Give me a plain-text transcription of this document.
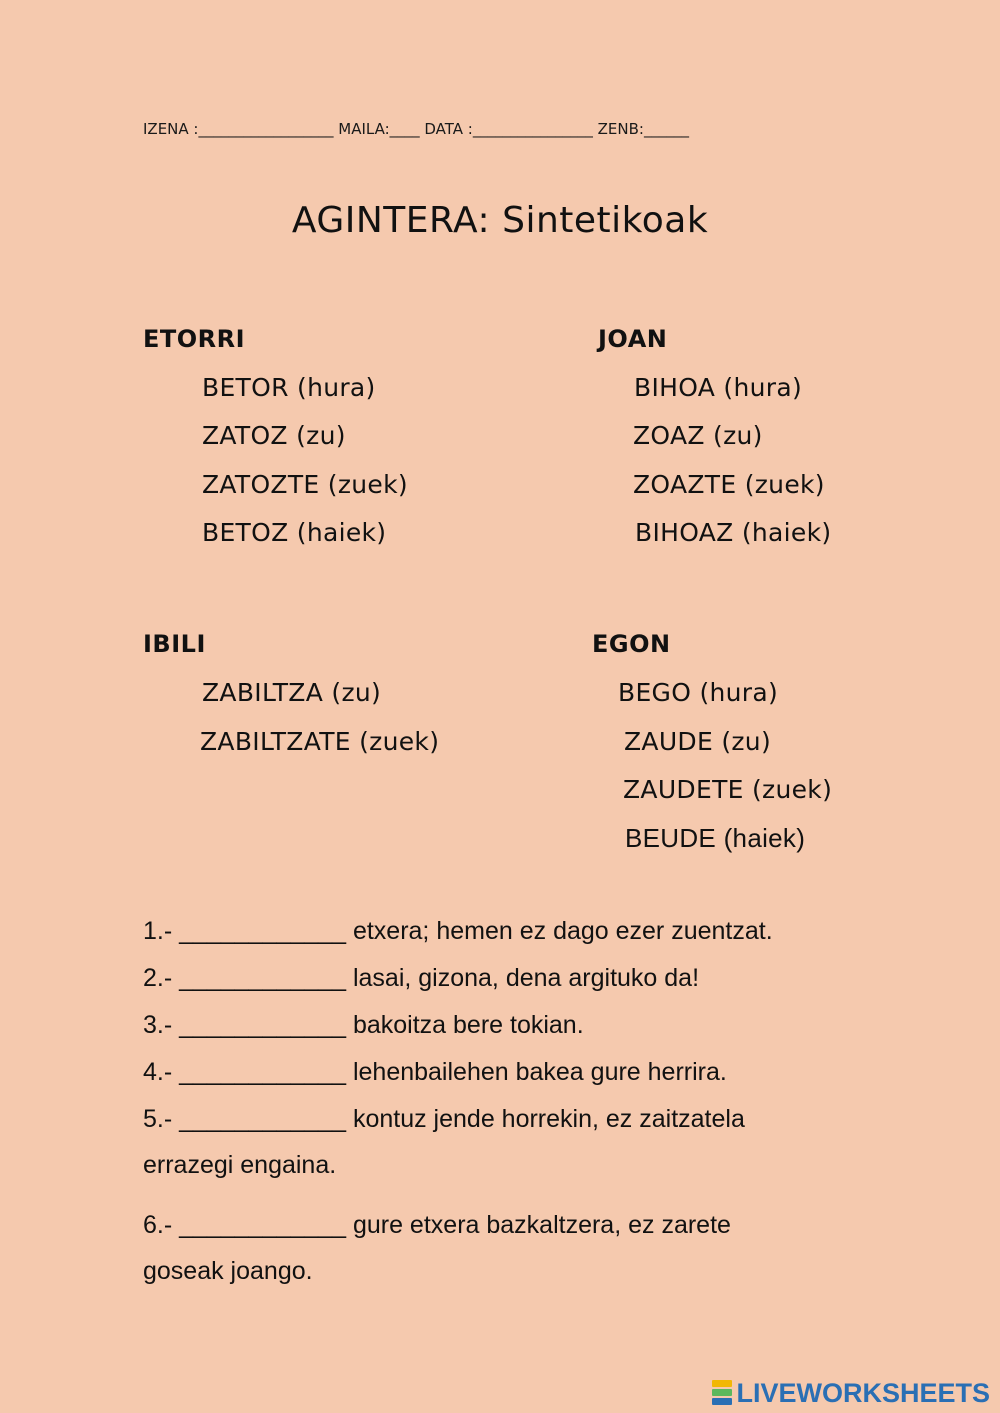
IZENA :__________________ MAILA:____ DATA :________________ ZENB:______
AGINTERA: Sintetikoak
ETORRI
BETOR (hura)
ZATOZ (zu)
ZATOZTE (zuek)
BETOZ (haiek)
JOAN
BIHOA (hura)
ZOAZ (zu)
ZOAZTE (zuek)
BIHOAZ (haiek)
IBILI
ZABILTZA (zu)
ZABILTZATE (zuek)
EGON
BEGO (hura)
ZAUDE (zu)
ZAUDETE (zuek)
BEUDE (haiek)
1.- ____________ etxera; hemen ez dago ezer zuentzat.
2.- ____________ lasai, gizona, dena argituko da!
3.- ____________ bakoitza bere tokian.
4.- ____________ lehenbailehen bakea gure herrira.
5.- ____________ kontuz jende horrekin, ez zaitzatela
errazegi engaina.
6.- ____________ gure etxera bazkaltzera, ez zarete
goseak joango.
LIVEWORKSHEETS
